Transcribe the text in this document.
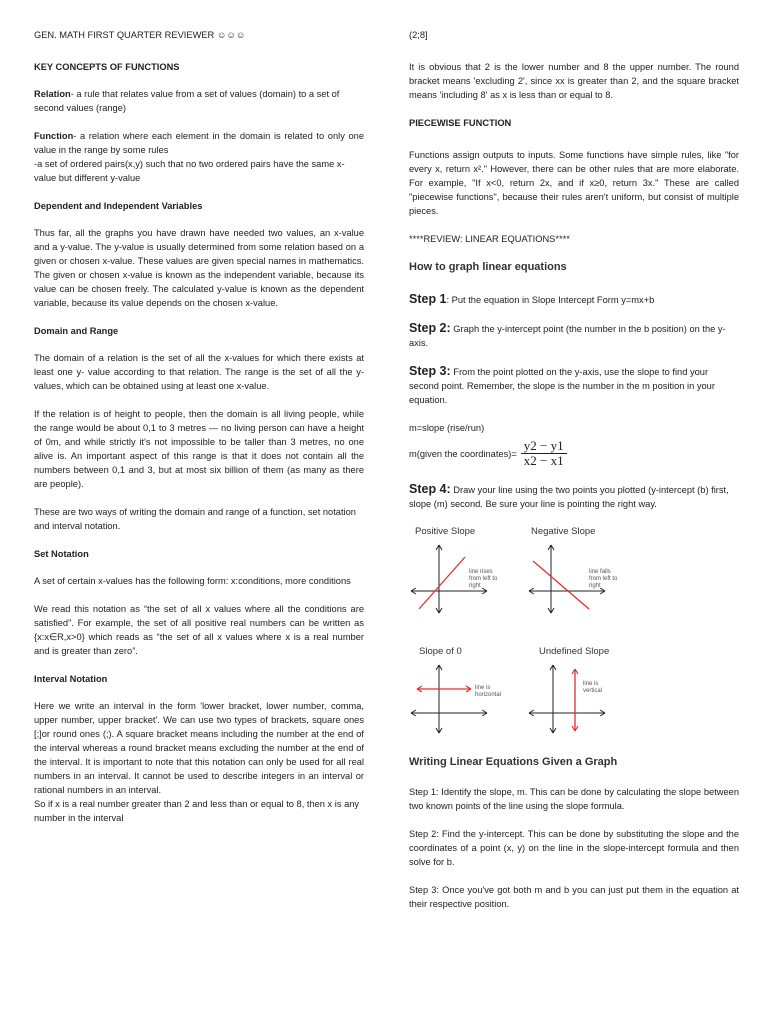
GEN. MATH FIRST QUARTER REVIEWER ☺☺☺

KEY CONCEPTS OF FUNCTIONS

Relation- a rule that relates value from a set of values (domain) to a set of second values (range)

Function- a relation where each element in the domain is related to only one value in the range by some rules

-a set of ordered pairs(x,y) such that no two ordered pairs have the same x-value but different y-value

Dependent and Independent Variables

Thus far, all the graphs you have drawn have needed two values, an x-value and a y-value. The y-value is usually determined from some relation based on a given or chosen x-value. These values are given special names in mathematics. The given or chosen x-value is known as the independent variable, because its value can be chosen freely. The calculated y-value is known as the dependent variable, because its value depends on the chosen x-value.

Domain and Range

The domain of a relation is the set of all the x-values for which there exists at least one y- value according to that relation. The range is the set of all the y- values, which can be obtained using at least one x-value.

If the relation is of height to people, then the domain is all living people, while the range would be about 0,1 to 3 metres — no living person can have a height of 0m, and while strictly it's not impossible to be taller than 3 metres, no one alive is. An important aspect of this range is that it does not contain all the numbers between 0,1 and 3, but at most six billion of them (as many as there are people).

These are two ways of writing the domain and range of a function, set notation and interval notation.

Set Notation

A set of certain x-values has the following form: x:conditions, more conditions

We read this notation as “the set of all x values where all the conditions are satisfied”. For example, the set of all positive real numbers can be written as {x:x∈R,x>0} which reads as “the set of all x values where x is a real number and is greater than zero”.

Interval Notation

Here we write an interval in the form 'lower bracket, lower number, comma, upper number, upper bracket'. We can use two types of brackets, square ones [;]or round ones (;). A square bracket means including the number at the end of the interval whereas a round bracket means excluding the number at the end of the interval. It is important to note that this notation can only be used for all real numbers in an interval. It cannot be used to describe integers in an interval or rational numbers in an interval.

So if x is a real number greater than 2 and less than or equal to 8, then x is any number in the interval

(2;8]

It is obvious that 2 is the lower number and 8 the upper number. The round bracket means 'excluding 2', since xx is greater than 2, and the square bracket means 'including 8' as x is less than or equal to 8.

PIECEWISE FUNCTION

Functions assign outputs to inputs. Some functions have simple rules, like "for every x, return x²." However, there can be other rules that are more elaborate. For example, "If x<0, return 2x, and if x≥0, return 3x." These are called "piecewise functions", because their rules aren't uniform, but consist of multiple pieces.

****REVIEW: LINEAR EQUATIONS****

How to graph linear equations

Step 1: Put the equation in Slope Intercept Form y=mx+b

Step 2: Graph the y-intercept point (the number in the b position) on the y-axis.

Step 3: From the point plotted on the y-axis, use the slope to find your second point. Remember, the slope is the number in the m position in your equation.

m=slope (rise/run)

m(given the coordinates)= $\frac{y2 - y1}{x2 - x1}$

Step 4: Draw your line using the two points you plotted (y-intercept (b) first, slope (m) second. Be sure your line is pointing the right way.

Positive Slope
line rises from left to right
Negative Slope
line falls from left to right
Slope of 0
line is horizontal
Undefined Slope
line is vertical

Writing Linear Equations Given a Graph

Step 1: Identify the slope, m. This can be done by calculating the slope between two known points of the line using the slope formula.

Step 2: Find the y-intercept. This can be done by substituting the slope and the coordinates of a point (x, y) on the line in the slope-intercept formula and then solve for b.

Step 3: Once you've got both m and b you can just put them in the equation at their respective position.
